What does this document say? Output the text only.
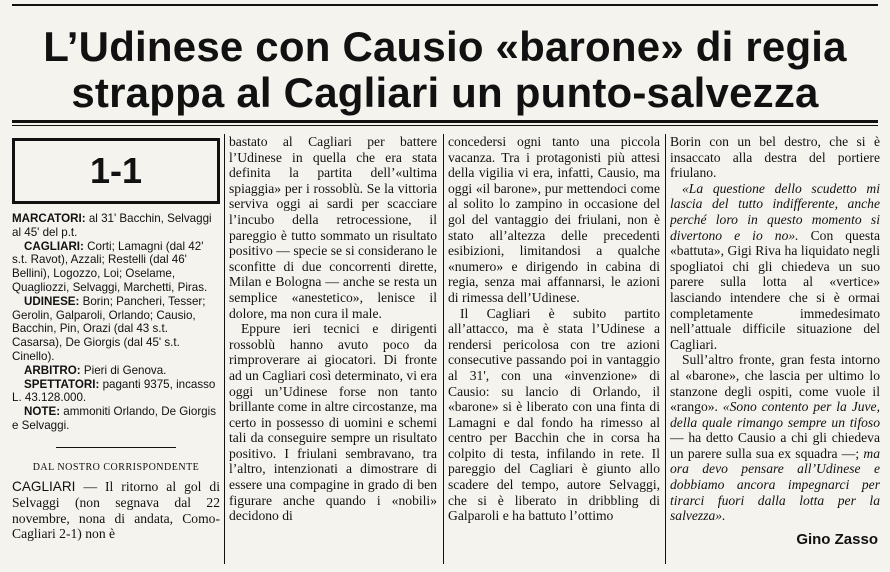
L’Udinese con Causio «barone» di regia
strappa al Cagliari un punto-salvezza
1-1

MARCATORI: al 31' Bacchin, Selvaggi al 45' del p.t.

CAGLIARI: Corti; Lamagni (dal 42' s.t. Ravot), Azzali; Restelli (dal 46' Bellini), Logozzo, Loi; Oselame, Quagliozzi, Selvaggi, Marchetti, Piras.

UDINESE: Borin; Pancheri, Tesser; Gerolin, Galparoli, Orlando; Causio, Bacchin, Pin, Orazi (dal 43 s.t. Casarsa), De Giorgis (dal 45' s.t. Cinello).

ARBITRO: Pieri di Genova.

SPETTATORI: paganti 9375, incasso L. 43.128.000.

NOTE: ammoniti Orlando, De Giorgis e Selvaggi.

DAL NOSTRO CORRISPONDENTE

CAGLIARI — Il ritorno al gol di Selvaggi (non segnava dal 22 novembre, nona di andata, Como-Cagliari 2-1) non è

bastato al Cagliari per battere l’Udinese in quella che era stata definita la partita dell’«ultima spiaggia» per i rossoblù. Se la vittoria serviva oggi ai sardi per scacciare l’incubo della retrocessione, il pareggio è tutto sommato un risultato positivo — specie se si considerano le sconfitte di due concorrenti dirette, Milan e Bologna — anche se resta un semplice «anestetico», lenisce il dolore, ma non cura il male.

Eppure ieri tecnici e dirigenti rossoblù hanno avuto poco da rimproverare ai giocatori. Di fronte ad un Cagliari così determinato, vi era oggi un’Udinese forse non tanto brillante come in altre circostanze, ma certo in possesso di uomini e schemi tali da conseguire sempre un risultato positivo. I friulani sembravano, tra l’altro, intenzionati a dimostrare di essere una compagine in grado di ben figurare anche quando i «nobili» decidono di

concedersi ogni tanto una piccola vacanza. Tra i protagonisti più attesi della vigilia vi era, infatti, Causio, ma oggi «il barone», pur mettendoci come al solito lo zampino in occasione del gol del vantaggio dei friulani, non è stato all’altezza delle precedenti esibizioni, limitandosi a qualche «numero» e dirigendo in cabina di regia, senza mai affannarsi, le azioni di rimessa dell’Udinese.

Il Cagliari è subito partito all’attacco, ma è stata l’Udinese a rendersi pericolosa con tre azioni consecutive passando poi in vantaggio al 31', con una «invenzione» di Causio: su lancio di Orlando, il «barone» si è liberato con una finta di Lamagni e dal fondo ha rimesso al centro per Bacchin che in corsa ha colpito di testa, infilando in rete. Il pareggio del Cagliari è giunto allo scadere del tempo, autore Selvaggi, che si è liberato in dribbling di Galparoli e ha battuto l’ottimo

Borin con un bel destro, che si è insaccato alla destra del portiere friulano.

«La questione dello scudetto mi lascia del tutto indifferente, anche perché loro in questo momento si divertono e io no». Con questa «battuta», Gigi Riva ha liquidato negli spogliatoi chi gli chiedeva un suo parere sulla lotta al «vertice» lasciando intendere che si è ormai completamente immedesimato nell’attuale difficile situazione del Cagliari.

Sull’altro fronte, gran festa intorno al «barone», che lascia per ultimo lo stanzone degli ospiti, come vuole il «rango». «Sono contento per la Juve, della quale rimango sempre un tifoso — ha detto Causio a chi gli chiedeva un parere sulla sua ex squadra —; ma ora devo pensare all’Udinese e dobbiamo ancora impegnarci per tirarci fuori dalla lotta per la salvezza».

Gino Zasso
